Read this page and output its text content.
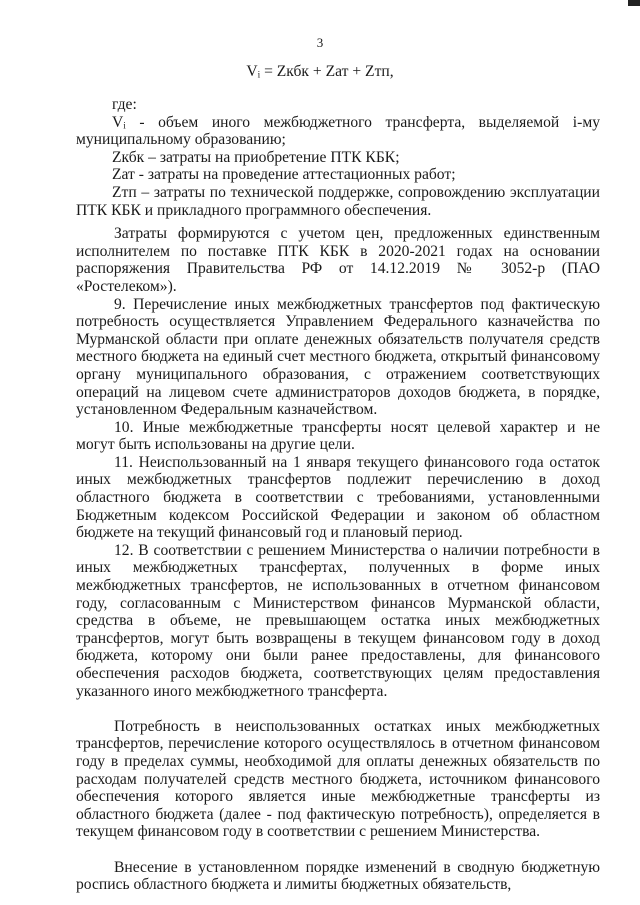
3
Vᵢ = Zкбк + Zат + Zтп,

где:

Vᵢ - объем иного межбюджетного трансферта, выделяемой i-му муниципальному образованию;

Zкбк – затраты на приобретение ПТК КБК;

Zат - затраты на проведение аттестационных работ;

Zтп – затраты по технической поддержке, сопровождению эксплуатации ПТК КБК и прикладного программного обеспечения.

Затраты формируются с учетом цен, предложенных единственным исполнителем по поставке ПТК КБК в 2020-2021 годах на основании распоряжения Правительства РФ от 14.12.2019 № 3052-р (ПАО «Ростелеком»).

9. Перечисление иных межбюджетных трансфертов под фактическую потребность осуществляется Управлением Федерального казначейства по Мурманской области при оплате денежных обязательств получателя средств местного бюджета на единый счет местного бюджета, открытый финансовому органу муниципального образования, с отражением соответствующих операций на лицевом счете администраторов доходов бюджета, в порядке, установленном Федеральным казначейством.

10. Иные межбюджетные трансферты носят целевой характер и не могут быть использованы на другие цели.

11. Неиспользованный на 1 января текущего финансового года остаток иных межбюджетных трансфертов подлежит перечислению в доход областного бюджета в соответствии с требованиями, установленными Бюджетным кодексом Российской Федерации и законом об областном бюджете на текущий финансовый год и плановый период.

12. В соответствии с решением Министерства о наличии потребности в иных межбюджетных трансфертах, полученных в форме иных межбюджетных трансфертов, не использованных в отчетном финансовом году, согласованным с Министерством финансов Мурманской области, средства в объеме, не превышающем остатка иных межбюджетных трансфертов, могут быть возвращены в текущем финансовом году в доход бюджета, которому они были ранее предоставлены, для финансового обеспечения расходов бюджета, соответствующих целям предоставления указанного иного межбюджетного трансферта.

Потребность в неиспользованных остатках иных межбюджетных трансфертов, перечисление которого осуществлялось в отчетном финансовом году в пределах суммы, необходимой для оплаты денежных обязательств по расходам получателей средств местного бюджета, источником финансового обеспечения которого является иные межбюджетные трансферты из областного бюджета (далее - под фактическую потребность), определяется в текущем финансовом году в соответствии с решением Министерства.

Внесение в установленном порядке изменений в сводную бюджетную роспись областного бюджета и лимиты бюджетных обязательств,
